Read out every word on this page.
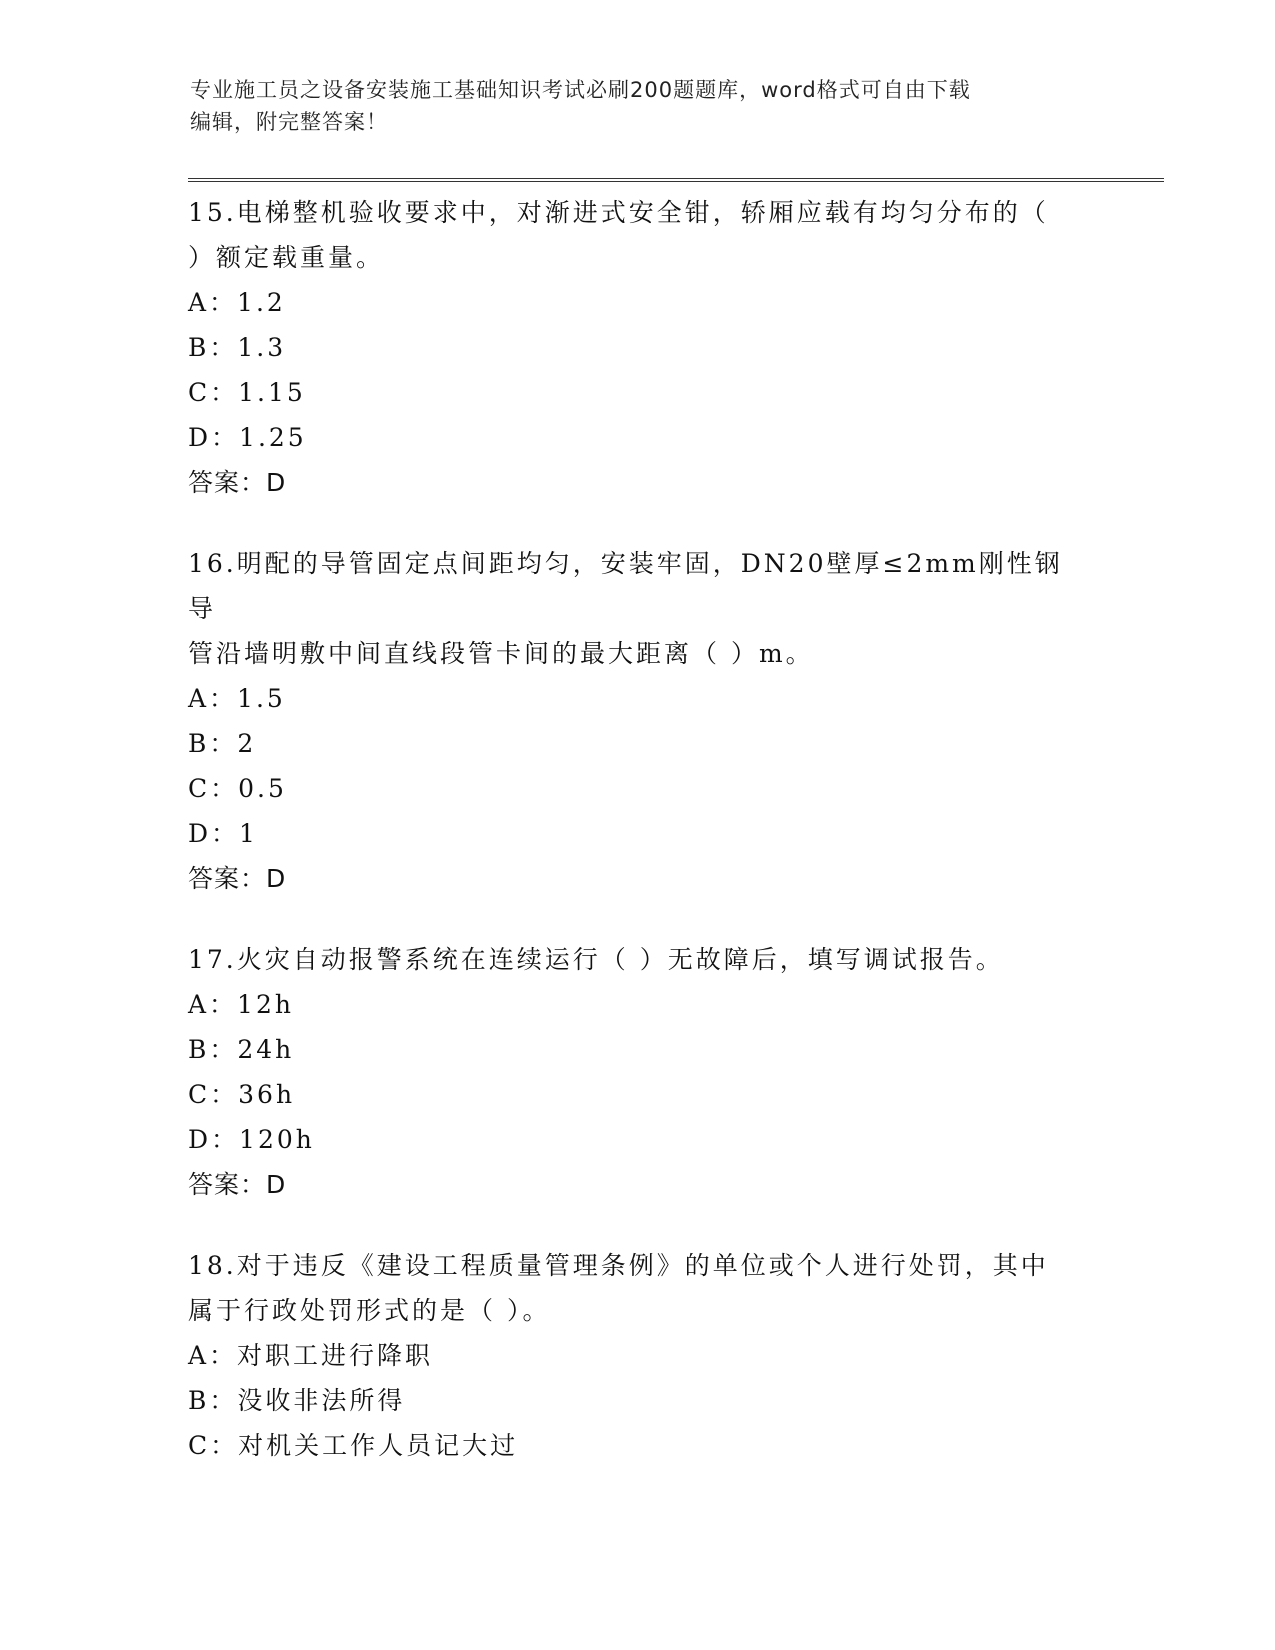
专业施工员之设备安装施工基础知识考试必刷200题题库，word格式可自由下载
编辑，附完整答案！

15.电梯整机验收要求中，对渐进式安全钳，轿厢应载有均匀分布的（

）额定载重量。

A：1.2

B：1.3

C：1.15

D：1.25

答案：D

16.明配的导管固定点间距均匀，安装牢固，DN20壁厚≤2mm刚性钢导

管沿墙明敷中间直线段管卡间的最大距离（ ）m。

A：1.5

B：2

C：0.5

D：1

答案：D

17.火灾自动报警系统在连续运行（ ）无故障后，填写调试报告。

A：12h

B：24h

C：36h

D：120h

答案：D

18.对于违反《建设工程质量管理条例》的单位或个人进行处罚，其中

属于行政处罚形式的是（ ）。

A：对职工进行降职

B：没收非法所得

C：对机关工作人员记大过
